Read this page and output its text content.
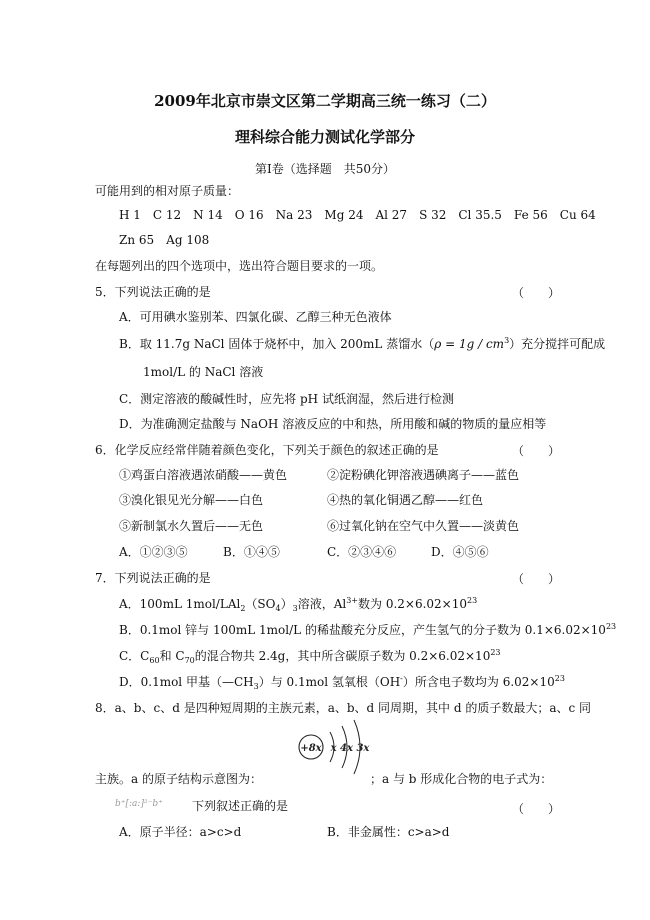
2009年北京市崇文区第二学期高三统一练习（二）
理科综合能力测试化学部分
第Ⅰ卷（选择题　共50分）
可能用到的相对原子质量：
H 1　C 12　N 14　O 16　Na 23　Mg 24　Al 27　S 32　Cl 35.5　Fe 56　Cu 64
Zn 65　Ag 108
在每题列出的四个选项中，选出符合题目要求的一项。
5．下列说法正确的是	（　　）
A．可用碘水鉴别苯、四氯化碳、乙醇三种无色液体
B．取 11.7g NaCl 固体于烧杯中，加入 200mL 蒸馏水$(\rho = 1g / cm^3)$充分搅拌可配成
1mol/L 的 NaCl 溶液
C．测定溶液的酸碱性时，应先将 pH 试纸润湿，然后进行检测
D．为准确测定盐酸与 NaOH 溶液反应的中和热，所用酸和碱的物质的量应相等
6．化学反应经常伴随着颜色变化，下列关于颜色的叙述正确的是	（　　）
①鸡蛋白溶液遇浓硝酸——黄色	②淀粉碘化钾溶液遇碘离子——蓝色
③溴化银见光分解——白色	④热的氧化铜遇乙醇——红色
⑤新制氯水久置后——无色	⑥过氧化钠在空气中久置——淡黄色
A．①②③⑤	B．①④⑤	C．②③④⑥	D．④⑤⑥
7．下列说法正确的是	（　　）
A．100mL $1mol/LAl_2(SO_4)_3$溶液，$Al^{3+}$数为 $0.2\times 6.02\times 10^{23}$
B．0.1mol 锌与 100mL 1mol/L 的稀盐酸充分反应，产生氢气的分子数为 $0.1\times 6.02\times 10^{23}$
C．$C_{60}$和 $C_{70}$的混合物共 2.4g，其中所含碳原子数为 $0.2\times 6.02\times 10^{23}$
D．0.1mol 甲基$(—CH_3)$与 0.1mol 氢氧根（OH-）所含电子数均为 $6.02\times 10^{23}$
8．a、b、c、d 是四种短周期的主族元素，a、b、d 同周期，其中 d 的质子数最大；a、c 同
+8x x 4x 3x
主族。a 的原子结构示意图为：	；a 与 b 形成化合物的电子式为：
b⁺[:a:]²⁻b⁺ 下列叙述正确的是	（　　）
A．原子半径：a>c>d	B．非金属性：c>a>d
